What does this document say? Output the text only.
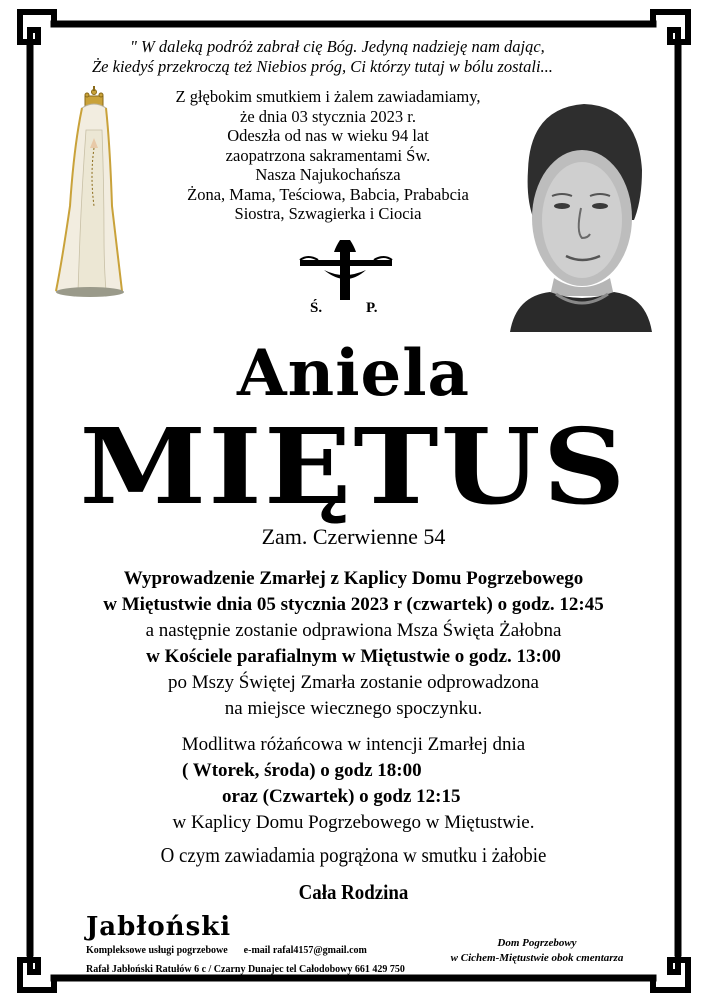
" W daleką podróż zabrał cię Bóg. Jedyną nadzieję nam dając,
Że kiedyś przekroczą też Niebios próg, Ci którzy tutaj w bólu zostali...
Z głębokim smutkiem i żalem zawiadamiamy,
że dnia 03 stycznia 2023 r.
Odeszła od nas w wieku 94 lat
zaopatrzona sakramentami Św.
Nasza Najukochańsza
Żona, Mama, Teściowa, Babcia, Prababcia
Siostra, Szwagierka i Ciocia
Ś.	P.
Aniela
MIĘTUS
Zam. Czerwienne 54
Wyprowadzenie Zmarłej z Kaplicy Domu Pogrzebowego
w Miętustwie dnia 05 stycznia 2023 r (czwartek) o godz. 12:45
a następnie zostanie odprawiona Msza Święta Żałobna
w Kościele parafialnym w Miętustwie o godz. 13:00
po Mszy Świętej Zmarła zostanie odprowadzona
na miejsce wiecznego spoczynku.
Modlitwa różańcowa w intencji Zmarłej dnia
( Wtorek, środa) o godz 18:00
oraz (Czwartek) o godz 12:15
w Kaplicy Domu Pogrzebowego w Miętustwie.
O czym zawiadamia pogrążona w smutku i żałobie
Cała Rodzina
Jabłoński
Kompleksowe usługi pogrzebowe e-mail rafal4157@gmail.com
Rafał Jabłoński Ratułów 6 c / Czarny Dunajec tel Całodobowy 661 429 750
Dom Pogrzebowy
w Cichem-Miętustwie obok cmentarza
